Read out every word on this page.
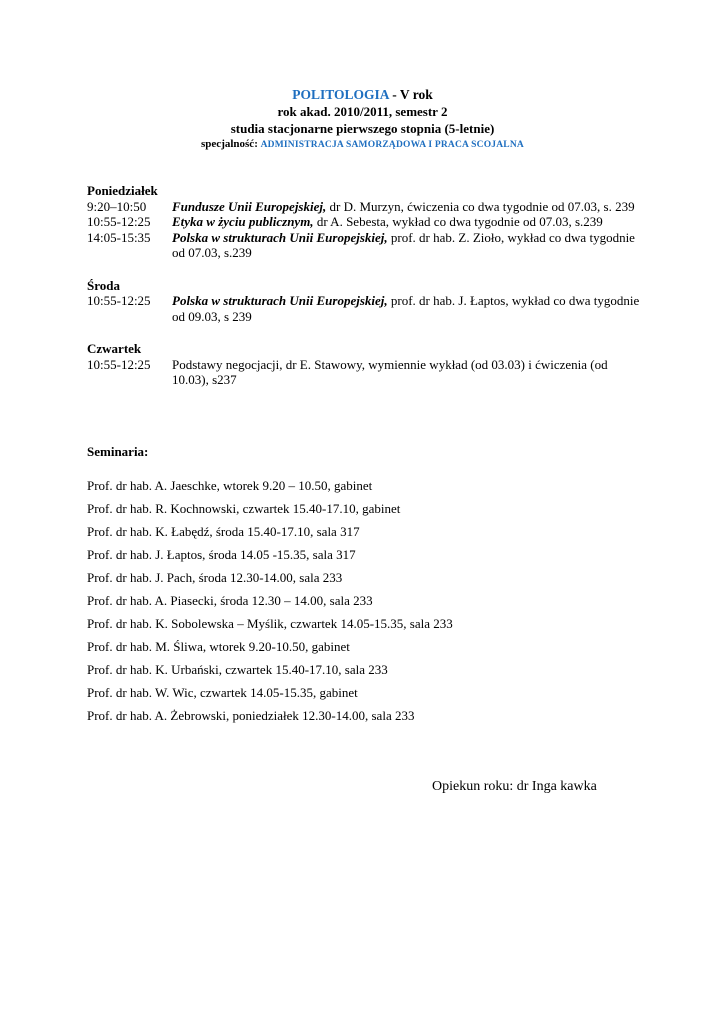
POLITOLOGIA - V rok
rok akad. 2010/2011, semestr 2
studia stacjonarne pierwszego stopnia (5-letnie)
specjalność: ADMINISTRACJA SAMORZĄDOWA I PRACA SCOJALNA
Poniedziałek
9:20–10:50 Fundusze Unii Europejskiej, dr D. Murzyn, ćwiczenia co dwa tygodnie od 07.03, s. 239
10:55-12:25 Etyka w życiu publicznym, dr A. Sebesta, wykład co dwa tygodnie od 07.03, s.239
14:05-15:35 Polska w strukturach Unii Europejskiej, prof. dr hab. Z. Zioło, wykład co dwa tygodnie od 07.03, s.239
Środa
10:55-12:25 Polska w strukturach Unii Europejskiej, prof. dr hab. J. Łaptos, wykład co dwa tygodnie od 09.03, s 239
Czwartek
10:55-12:25 Podstawy negocjacji, dr E. Stawowy, wymiennie wykład (od 03.03) i ćwiczenia (od 10.03), s237
Seminaria:
Prof. dr hab. A. Jaeschke, wtorek 9.20 – 10.50, gabinet
Prof. dr hab. R. Kochnowski, czwartek 15.40-17.10, gabinet
Prof. dr hab. K. Łabędź, środa 15.40-17.10, sala 317
Prof. dr hab. J. Łaptos, środa 14.05 -15.35, sala 317
Prof. dr hab. J. Pach, środa 12.30-14.00, sala 233
Prof. dr hab. A. Piasecki, środa 12.30 – 14.00, sala 233
Prof. dr hab. K. Sobolewska – Myślik, czwartek 14.05-15.35, sala 233
Prof. dr hab. M. Śliwa, wtorek 9.20-10.50, gabinet
Prof. dr hab. K. Urbański, czwartek 15.40-17.10, sala 233
Prof. dr hab. W. Wic, czwartek 14.05-15.35, gabinet
Prof. dr hab. A. Żebrowski, poniedziałek 12.30-14.00, sala 233
Opiekun roku: dr Inga kawka
